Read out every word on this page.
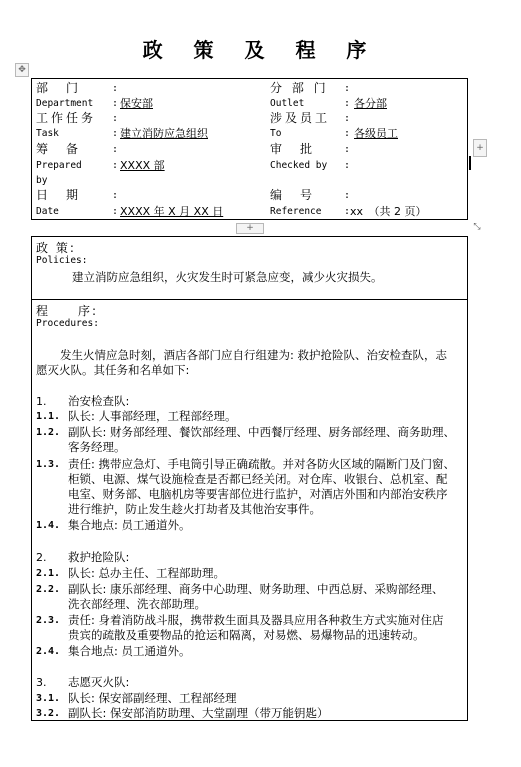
政 策 及 程 序
✥
+
+	⤡
部　门	:	分 部 门 :
Department : 保安部	Outlet	: 各分部
工作任务 :	涉及员工 :
Task	: 建立消防应急组织	To	: 各级员工
筹　备	:	审　批	:
Prepared	: XXXX 部	Checked by :
by
日　期	:	编　号	:
Date	: XXXX 年 X 月 XX 日	Reference : xx　（共 2 页）
政 策:
Policies:
建立消防应急组织，火灾发生时可紧急应变，减少火灾损失。
程　　序:
Procedures:
发生火情应急时刻，酒店各部门应自行组建为: 救护抢险队、治安检查队，志
愿灭火队。其任务和名单如下:
1. 治安检查队:
1.1. 队长: 人事部经理，工程部经理。
1.2. 副队长: 财务部经理、餐饮部经理、中西餐厅经理、厨务部经理、商务助理、
客务经理。
1.3. 责任: 携带应急灯、手电筒引导正确疏散。并对各防火区域的隔断门及门窗、
柜锁、电源、煤气设施检查是否都已经关闭。对仓库、收银台、总机室、配
电室、财务部、电脑机房等要害部位进行监护，对酒店外围和内部治安秩序
进行维护，防止发生趁火打劫者及其他治安事件。
1.4. 集合地点: 员工通道外。
2. 救护抢险队:
2.1. 队长: 总办主任、工程部助理。
2.2. 副队长: 康乐部经理、商务中心助理、财务助理、中西总厨、采购部经理、
洗衣部经理、洗衣部助理。
2.3. 责任: 身着消防战斗服，携带救生面具及器具应用各种救生方式实施对住店
贵宾的疏散及重要物品的抢运和隔离，对易燃、易爆物品的迅速转动。
2.4. 集合地点: 员工通道外。
3. 志愿灭火队:
3.1. 队长: 保安部副经理、工程部经理
3.2. 副队长: 保安部消防助理、大堂副理（带万能钥匙）
